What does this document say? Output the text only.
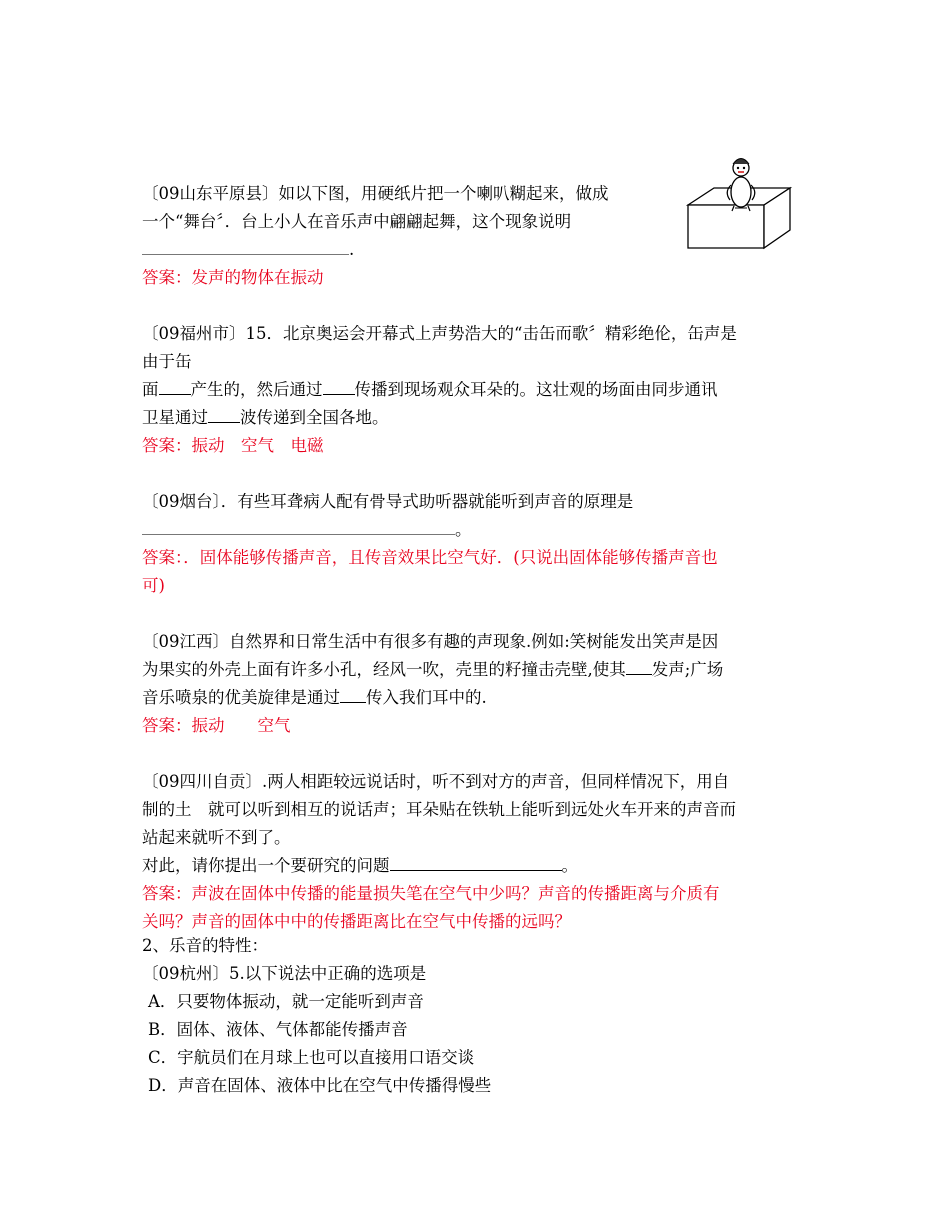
〔09山东平原县〕如以下图，用硬纸片把一个喇叭糊起来，做成
一个“舞台〞．台上小人在音乐声中翩翩起舞，这个现象说明
.
答案：发声的物体在振动
〔09福州市〕15．北京奥运会开幕式上声势浩大的“击缶而歌〞精彩绝伦，缶声是
由于缶
面 产生的，然后通过 传播到现场观众耳朵的。这壮观的场面由同步通讯
卫星通过 波传递到全国各地。
答案：振动　空气　电磁
〔09烟台〕．有些耳聋病人配有骨导式助听器就能听到声音的原理是
。
答案：．固体能够传播声音，且传音效果比空气好．(只说出固体能够传播声音也
可)
〔09江西〕自然界和日常生活中有很多有趣的声现象.例如:笑树能发出笑声是因
为果实的外壳上面有许多小孔，经风一吹，壳里的籽撞击壳壁,使其 发声;广场
音乐喷泉的优美旋律是通过 传入我们耳中的.
答案：振动　　空气
〔09四川自贡〕.两人相距较远说话时，听不到对方的声音，但同样情况下，用自
制的土　就可以听到相互的说话声；耳朵贴在铁轨上能听到远处火车开来的声音而
站起来就听不到了。
对此，请你提出一个要研究的问题	。
答案：声波在固体中传播的能量损失笔在空气中少吗？声音的传播距离与介质有
关吗？声音的固体中中的传播距离比在空气中传播的远吗？
2、乐音的特性：
〔09杭州〕5.以下说法中正确的选项是
A．只要物体振动，就一定能听到声音
B．固体、液体、气体都能传播声音
C．宇航员们在月球上也可以直接用口语交谈
D．声音在固体、液体中比在空气中传播得慢些
